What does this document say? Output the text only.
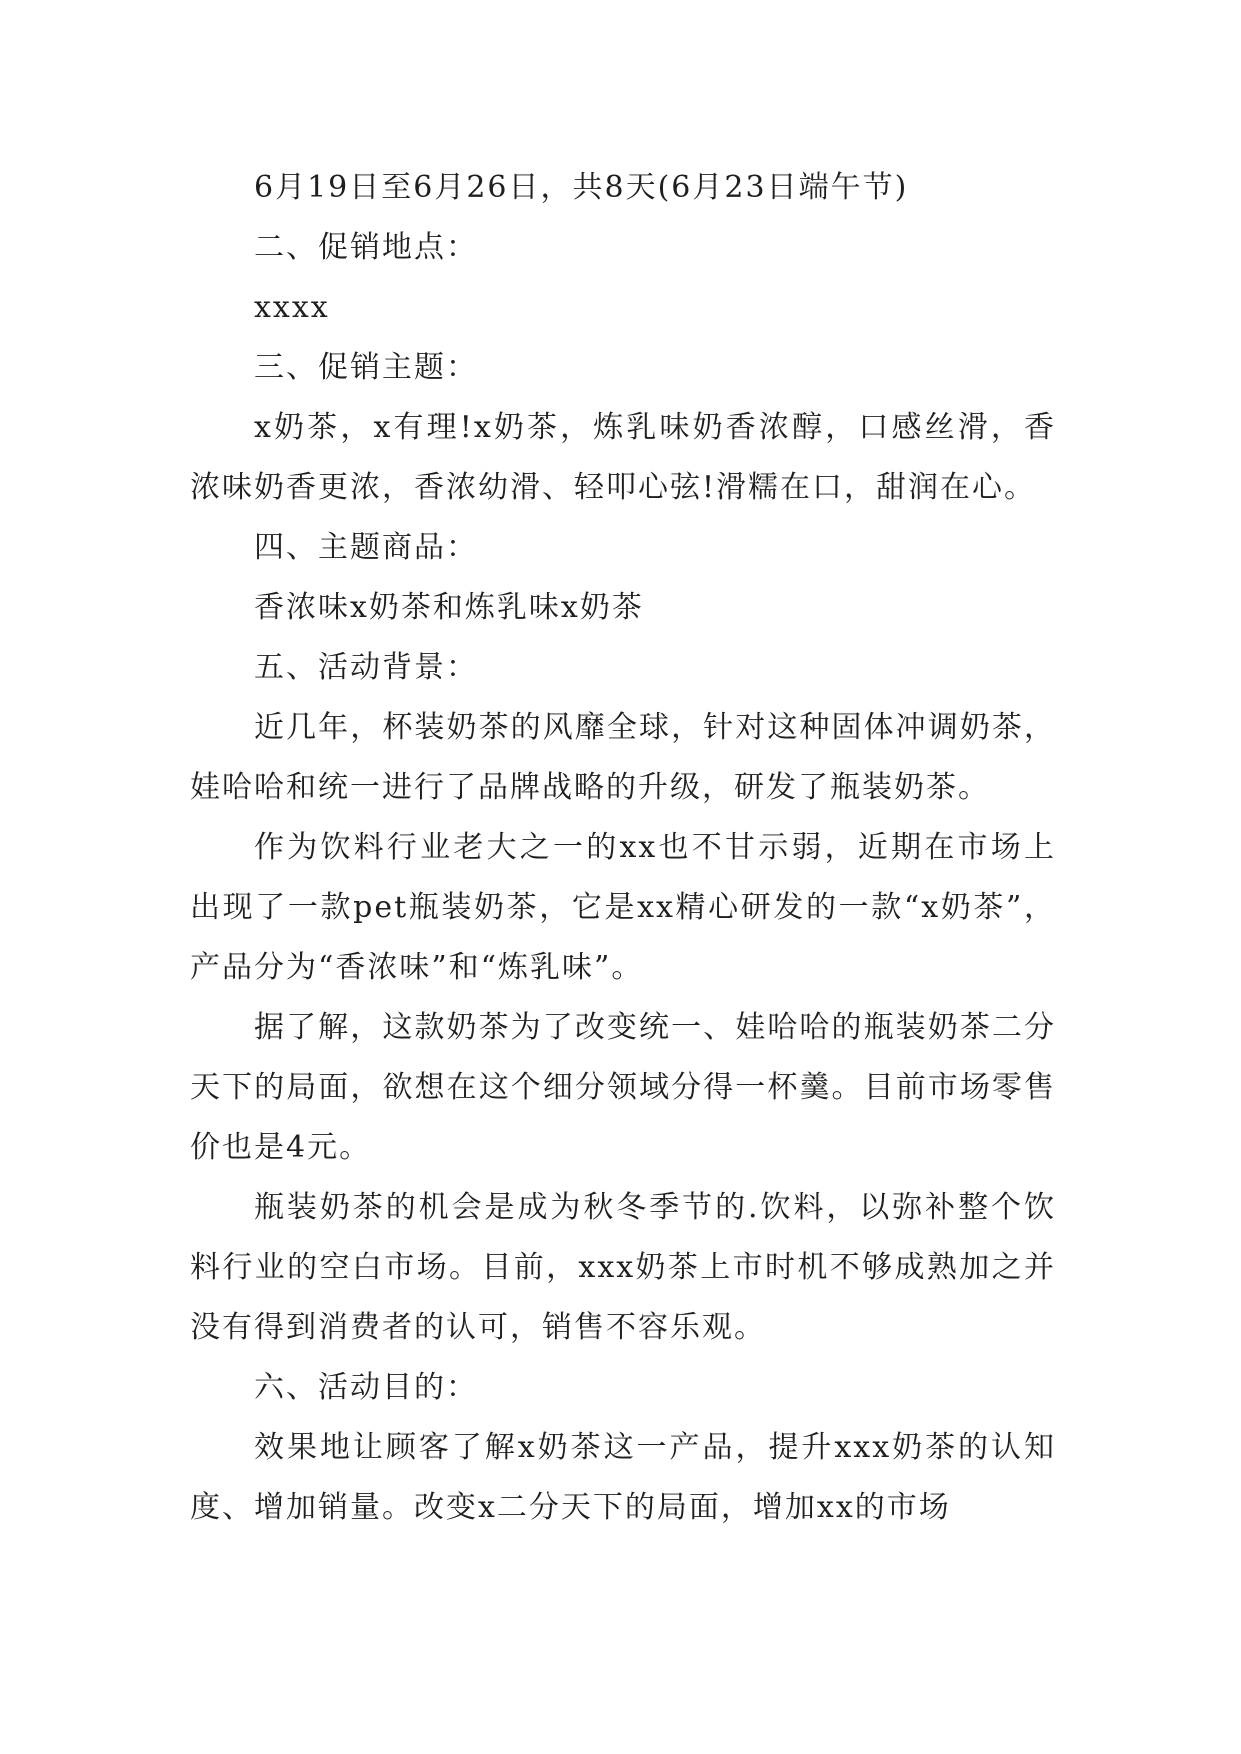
6月19日至6月26日，共8天(6月23日端午节)

二、促销地点：

xxxx

三、促销主题：

x奶茶，x有理!x奶茶，炼乳味奶香浓醇，口感丝滑，香浓味奶香更浓，香浓幼滑、轻叩心弦!滑糯在口，甜润在心。

四、主题商品：

香浓味x奶茶和炼乳味x奶茶

五、活动背景：

近几年，杯装奶茶的风靡全球，针对这种固体冲调奶茶，娃哈哈和统一进行了品牌战略的升级，研发了瓶装奶茶。

作为饮料行业老大之一的xx也不甘示弱，近期在市场上出现了一款pet瓶装奶茶，它是xx精心研发的一款“x奶茶”，产品分为“香浓味”和“炼乳味”。

据了解，这款奶茶为了改变统一、娃哈哈的瓶装奶茶二分天下的局面，欲想在这个细分领域分得一杯羹。目前市场零售价也是4元。

瓶装奶茶的机会是成为秋冬季节的.饮料，以弥补整个饮料行业的空白市场。目前，xxx奶茶上市时机不够成熟加之并没有得到消费者的认可，销售不容乐观。

六、活动目的：

效果地让顾客了解x奶茶这一产品，提升xxx奶茶的认知度、增加销量。改变x二分天下的局面，增加xx的市场
